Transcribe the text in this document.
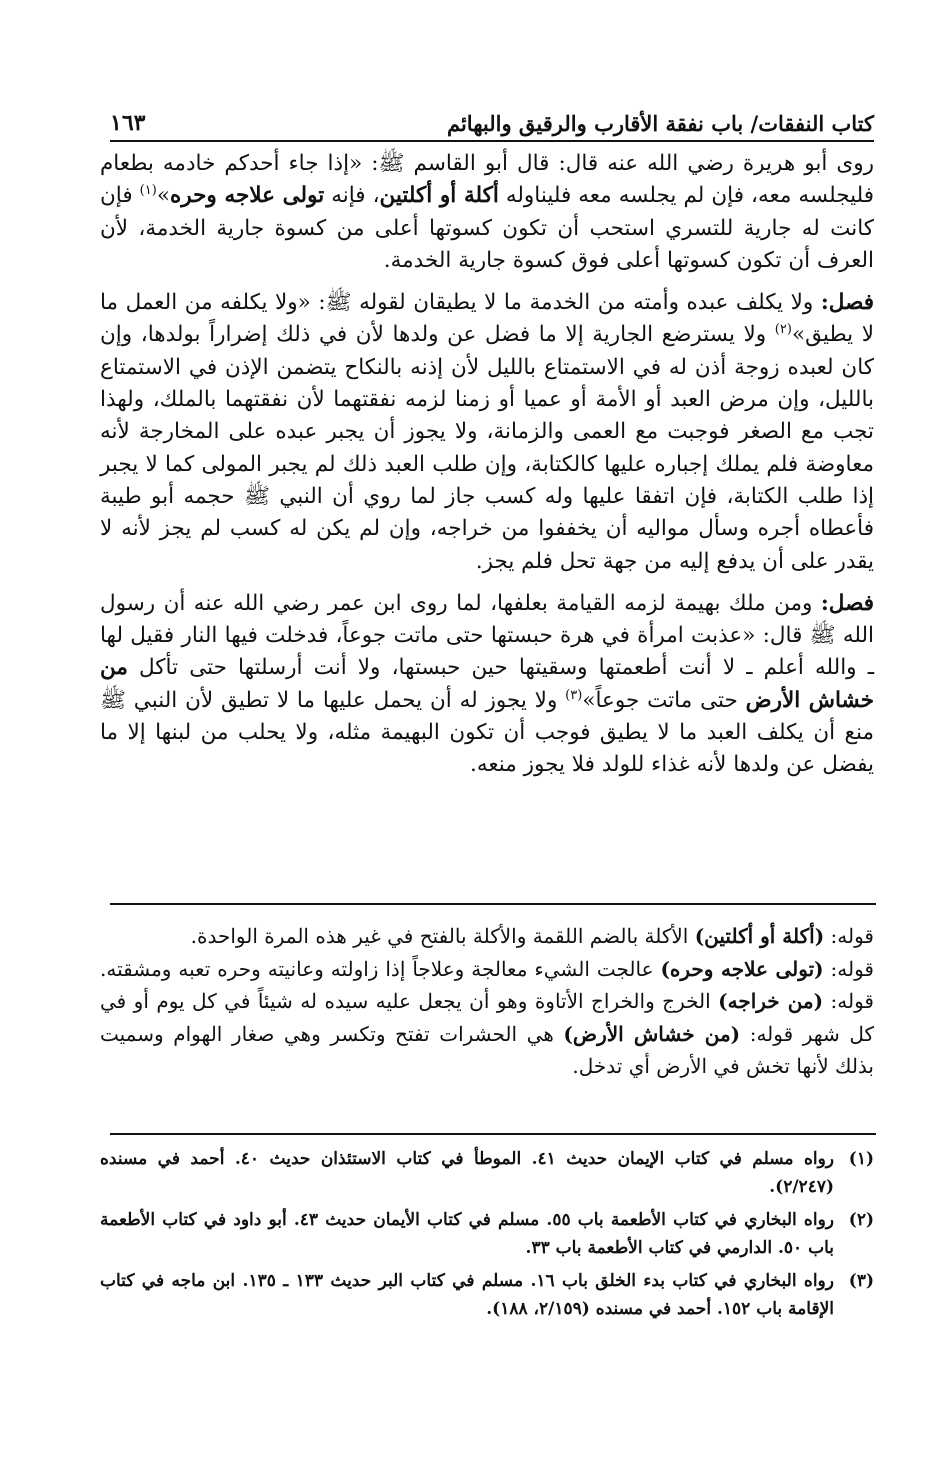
كتاب النفقات/ باب نفقة الأقارب والرقيق والبهائم
١٦٣

روى أبو هريرة رضي الله عنه قال: قال أبو القاسم ﷺ: «إذا جاء أحدكم خادمه بطعام فليجلسه معه، فإن لم يجلسه معه فليناوله أكلة أو أكلتين، فإنه تولى علاجه وحره»$^{(١)}$ فإن كانت له جارية للتسري استحب أن تكون كسوتها أعلى من كسوة جارية الخدمة، لأن العرف أن تكون كسوتها أعلى فوق كسوة جارية الخدمة.

فصل: ولا يكلف عبده وأمته من الخدمة ما لا يطيقان لقوله ﷺ: «ولا يكلفه من العمل ما لا يطيق»$^{(٢)}$ ولا يسترضع الجارية إلا ما فضل عن ولدها لأن في ذلك إضراراً بولدها، وإن كان لعبده زوجة أذن له في الاستمتاع بالليل لأن إذنه بالنكاح يتضمن الإذن في الاستمتاع بالليل، وإن مرض العبد أو الأمة أو عميا أو زمنا لزمه نفقتهما لأن نفقتهما بالملك، ولهذا تجب مع الصغر فوجبت مع العمى والزمانة، ولا يجوز أن يجبر عبده على المخارجة لأنه معاوضة فلم يملك إجباره عليها كالكتابة، وإن طلب العبد ذلك لم يجبر المولى كما لا يجبر إذا طلب الكتابة، فإن اتفقا عليها وله كسب جاز لما روي أن النبي ﷺ حجمه أبو طيبة فأعطاه أجره وسأل مواليه أن يخففوا من خراجه، وإن لم يكن له كسب لم يجز لأنه لا يقدر على أن يدفع إليه من جهة تحل فلم يجز.

فصل: ومن ملك بهيمة لزمه القيامة بعلفها، لما روى ابن عمر رضي الله عنه أن رسول الله ﷺ قال: «عذبت امرأة في هرة حبستها حتى ماتت جوعاً، فدخلت فيها النار فقيل لها ـ والله أعلم ـ لا أنت أطعمتها وسقيتها حين حبستها، ولا أنت أرسلتها حتى تأكل من خشاش الأرض حتى ماتت جوعاً»$^{(٣)}$ ولا يجوز له أن يحمل عليها ما لا تطيق لأن النبي ﷺ منع أن يكلف العبد ما لا يطيق فوجب أن تكون البهيمة مثله، ولا يحلب من لبنها إلا ما يفضل عن ولدها لأنه غذاء للولد فلا يجوز منعه.

قوله: (أكلة أو أكلتين) الأكلة بالضم اللقمة والأكلة بالفتح في غير هذه المرة الواحدة.

قوله: (تولى علاجه وحره) عالجت الشيء معالجة وعلاجاً إذا زاولته وعانيته وحره تعبه ومشقته. قوله: (من خراجه) الخرج والخراج الأتاوة وهو أن يجعل عليه سيده له شيئاً في كل يوم أو في كل شهر قوله: (من خشاش الأرض) هي الحشرات تفتح وتكسر وهي صغار الهوام وسميت بذلك لأنها تخش في الأرض أي تدخل.

(١)
رواه مسلم في كتاب الإيمان حديث ٤١. الموطأ في كتاب الاستئذان حديث ٤٠. أحمد في مسنده (٢/٢٤٧).
(٢)
رواه البخاري في كتاب الأطعمة باب ٥٥. مسلم في كتاب الأيمان حديث ٤٣. أبو داود في كتاب الأطعمة باب ٥٠. الدارمي في كتاب الأطعمة باب ٣٣.
(٣)
رواه البخاري في كتاب بدء الخلق باب ١٦. مسلم في كتاب البر حديث ١٣٣ ـ ١٣٥. ابن ماجه في كتاب الإقامة باب ١٥٢. أحمد في مسنده (٢/١٥٩، ١٨٨).
